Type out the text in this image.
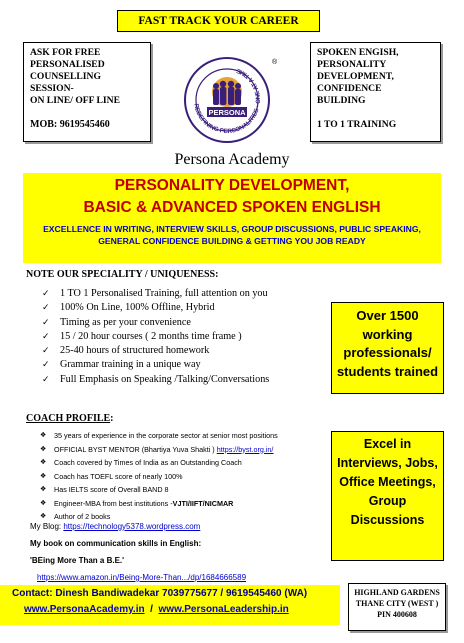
FAST TRACK YOUR CAREER
ASK FOR FREE
PERSONALISED
COUNSELLING
SESSION-
ON LINE/ OFF LINE
MOB: 9619545460
REDEFINING PERSONALITIES - ONE AT A TIME
PERSONA
®
SPOKEN ENGISH,
PERSONALITY
DEVELOPMENT,
CONFIDENCE
BUILDING
1 TO 1 TRAINING
Persona Academy
PERSONALITY DEVELOPMENT,
BASIC & ADVANCED SPOKEN ENGLISH
EXCELLENCE IN WRITING, INTERVIEW SKILLS, GROUP DISCUSSIONS, PUBLIC SPEAKING, GENERAL CONFIDENCE BUILDING & GETTING YOU JOB READY
NOTE OUR SPECIALITY / UNIQUENESS:
✓ 1 TO 1 Personalised Training, full attention on you
✓ 100% On Line, 100% Offline, Hybrid
✓ Timing as per your convenience
✓ 15 / 20 hour courses ( 2 months time frame )
✓ 25-40 hours of structured homework
✓ Grammar training in a unique way
✓ Full Emphasis on Speaking /Talking/Conversations
Over 1500
working
professionals/
students trained
COACH PROFILE:
❖ 35 years of experience in the corporate sector at senior most positions
❖ OFFICIAL BYST MENTOR (Bhartiya Yuva Shakti ) https://byst.org.in/
❖ Coach covered by Times of India as an Outstanding Coach
❖ Coach has TOEFL score of nearly 100%
❖ Has IELTS score of Overall BAND 8
❖ Engineer-MBA from best institutions -VJTI/IIFT/NICMAR
❖ Author of 2 books
Excel in
Interviews, Jobs,
Office Meetings,
Group
Discussions
My Blog: https://technology5378.wordpress.com
My book on communication skills in English:
'BEing More Than a B.E.'
https://www.amazon.in/Being-More-Than.../dp/1684666589
Contact: Dinesh Bandiwadekar 7039775677 / 9619545460 (WA)
www.PersonaAcademy.in  /  www.PersonaLeadership.in
HIGHLAND GARDENS
THANE CITY (WEST )
PIN 400608
